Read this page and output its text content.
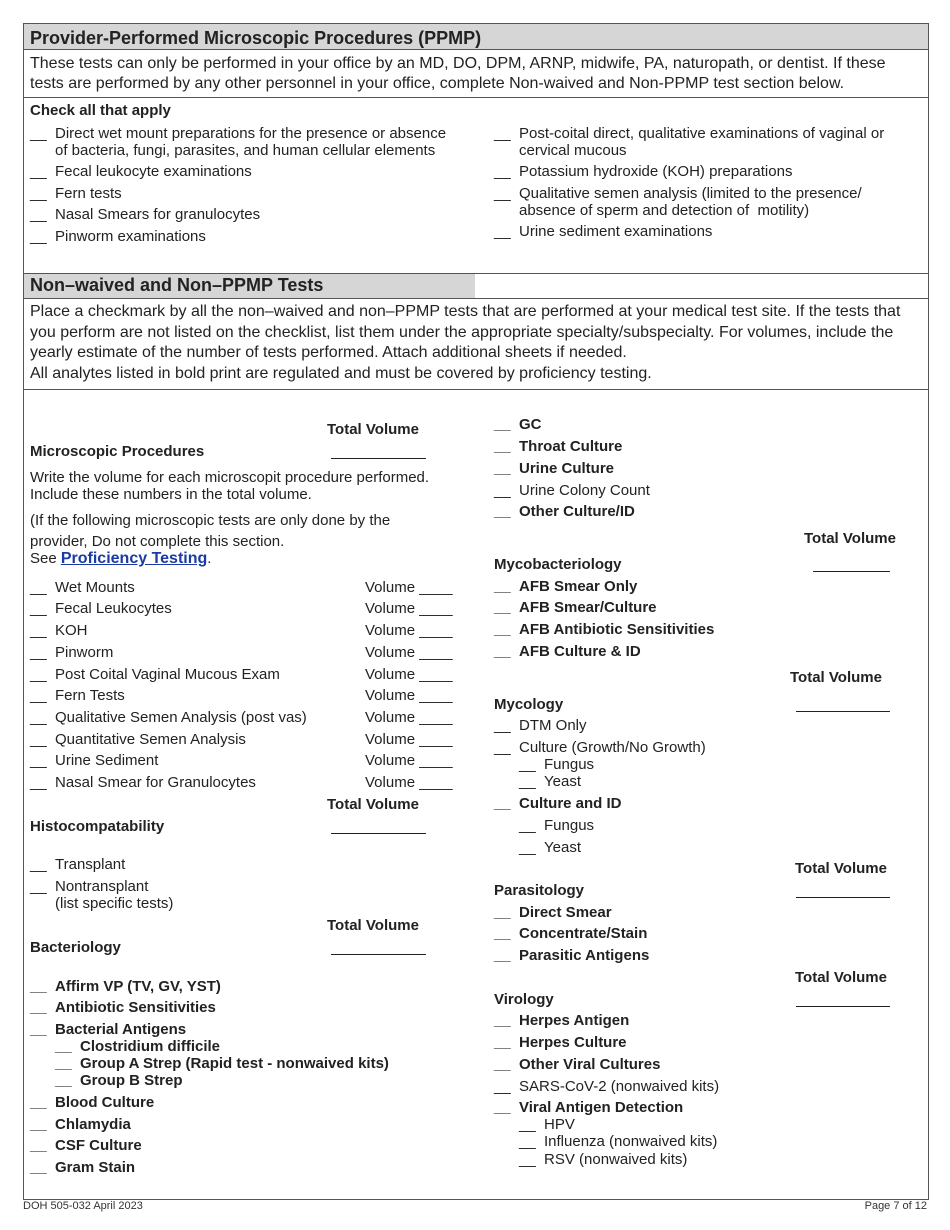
Provider-Performed Microscopic Procedures (PPMP)
These tests can only be performed in your office by an MD, DO, DPM, ARNP, midwife, PA, naturopath, or dentist. If these tests are performed by any other personnel in your office, complete Non-waived and Non-PPMP test section below.
Check all that apply
__ Direct wet mount preparations for the presence or absence
of bacteria, fungi, parasites, and human cellular elements
__ Fecal leukocyte examinations
__ Fern tests
__ Nasal Smears for granulocytes
__ Pinworm examinations
__ Post-coital direct, qualitative examinations of vaginal or
cervical mucous
__ Potassium hydroxide (KOH) preparations
__ Qualitative semen analysis (limited to the presence/
absence of sperm and detection of  motility)
__ Urine sediment examinations
Non–waived and Non–PPMP Tests
Place a checkmark by all the non–waived and non–PPMP tests that are performed at your medical test site. If the tests that you perform are not listed on the checklist, list them under the appropriate specialty/subspecialty. For volumes, include the yearly estimate of the number of tests performed. Attach additional sheets if needed.
All analytes listed in bold print are regulated and must be covered by proficiency testing.
Total Volume
Microscopic Procedures
Write the volume for each microscopit procedure performed.
Include these numbers in the total volume.
(If the following microscopic tests are only done by the
provider, Do not complete this section.
See Proficiency Testing.
__ Wet Mounts	Volume ____
__ Fecal Leukocytes	Volume ____
__ KOH	Volume ____
__ Pinworm	Volume ____
__ Post Coital Vaginal Mucous Exam	Volume ____
__ Fern Tests	Volume ____
__ Qualitative Semen Analysis (post vas)	Volume ____
__ Quantitative Semen Analysis	Volume ____
__ Urine Sediment	Volume ____
__ Nasal Smear for Granulocytes	Volume ____
Total Volume
Histocompatability
__ Transplant
__ Nontransplant
(list specific tests)
Total Volume
Bacteriology
__ Affirm VP (TV, GV, YST)
__ Antibiotic Sensitivities
__ Bacterial Antigens
__ Clostridium difficile
__ Group A Strep (Rapid test - nonwaived kits)
__ Group B Strep
__ Blood Culture
__ Chlamydia
__ CSF Culture
__ Gram Stain
__ GC
__ Throat Culture
__ Urine Culture
__ Urine Colony Count
__ Other Culture/ID
Total Volume
Mycobacteriology
__ AFB Smear Only
__ AFB Smear/Culture
__ AFB Antibiotic Sensitivities
__ AFB Culture & ID
Total Volume
Mycology
__ DTM Only
__ Culture (Growth/No Growth)
__ Fungus
__ Yeast
__ Culture and ID
__ Fungus
__ Yeast
Total Volume
Parasitology
__ Direct Smear
__ Concentrate/Stain
__ Parasitic Antigens
Total Volume
Virology
__ Herpes Antigen
__ Herpes Culture
__ Other Viral Cultures
__ SARS-CoV-2 (nonwaived kits)
__ Viral Antigen Detection
__ HPV
__ Influenza (nonwaived kits)
__ RSV (nonwaived kits)
DOH 505-032 April 2023	Page 7 of 12
